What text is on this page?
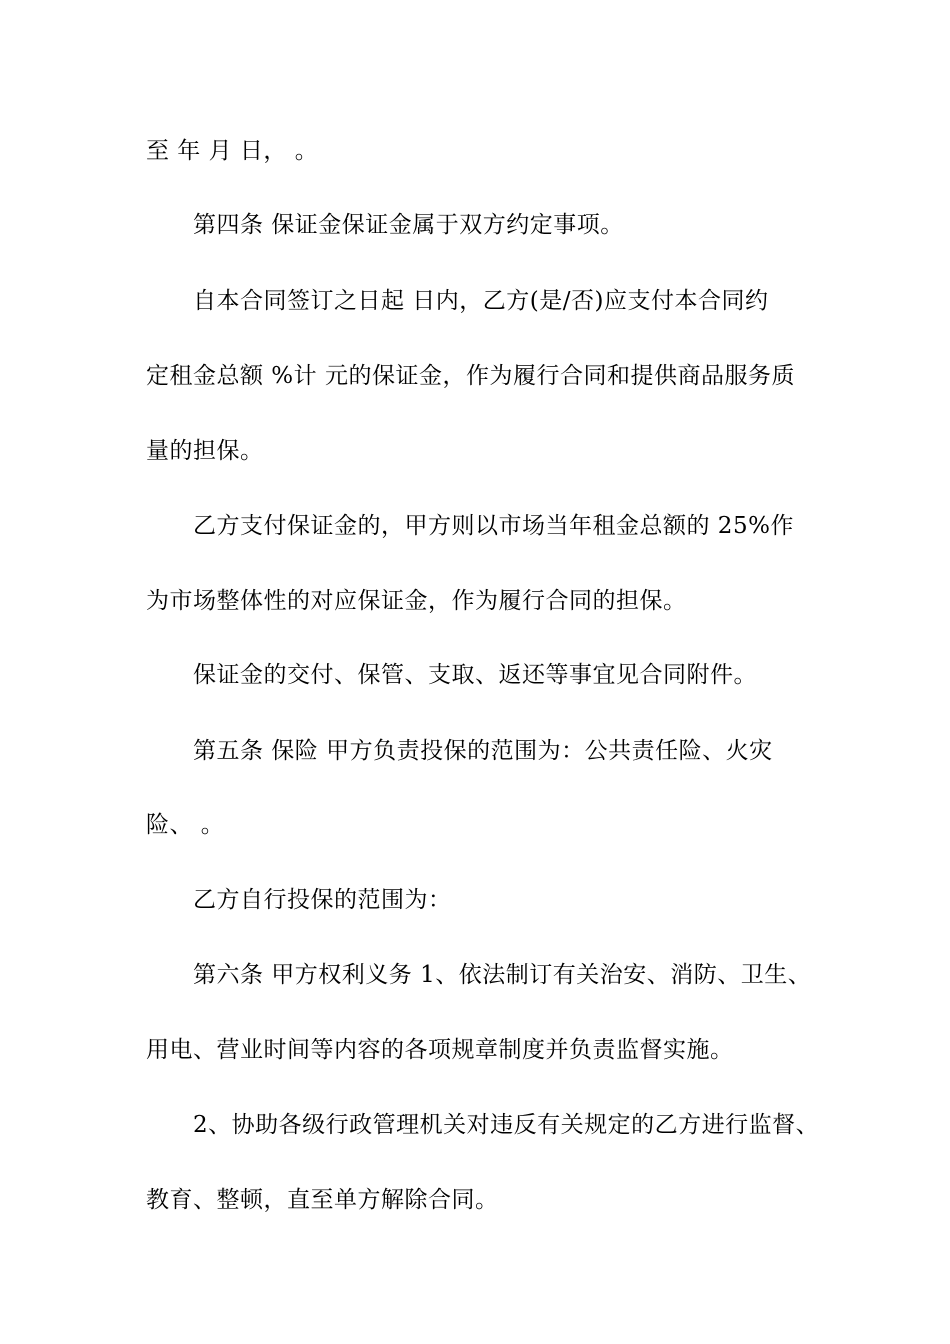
至 年 月 日， 。
第四条 保证金保证金属于双方约定事项。
自本合同签订之日起 日内，乙方(是/否)应支付本合同约
定租金总额 %计 元的保证金，作为履行合同和提供商品服务质
量的担保。
乙方支付保证金的，甲方则以市场当年租金总额的 25%作
为市场整体性的对应保证金，作为履行合同的担保。
保证金的交付、保管、支取、返还等事宜见合同附件。
第五条 保险 甲方负责投保的范围为：公共责任险、火灾
险、 。
乙方自行投保的范围为：
第六条 甲方权利义务 1、依法制订有关治安、消防、卫生、
用电、营业时间等内容的各项规章制度并负责监督实施。
2、协助各级行政管理机关对违反有关规定的乙方进行监督、
教育、整顿，直至单方解除合同。
